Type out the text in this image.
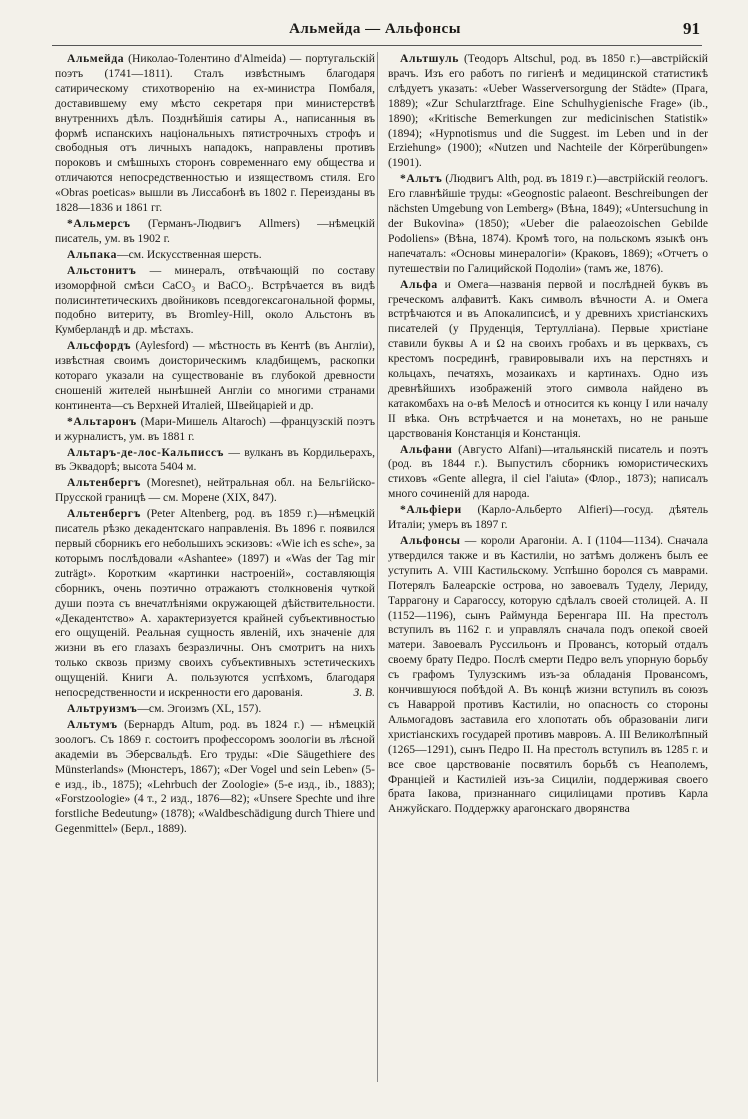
Альмейда — Альфонсы	91

Альмейда (Николао-Толентино d'Almeida) — португальскій поэтъ (1741—1811). Сталъ извѣстнымъ благодаря сатирическому стихотворенію на ех-министра Помбаля, доставившему ему мѣсто секретаря при министерствѣ внутреннихъ дѣлъ. Позднѣйшія сатиры А., написанныя въ формѣ испанскихъ національныхъ пятистрочныхъ строфъ и свободныя отъ личныхъ нападокъ, направлены противъ пороковъ и смѣшныхъ сторонъ современнаго ему общества и отличаются непосредственностью и изяществомъ стиля. Его «Obras poeticas» вышли въ Лиссабонѣ въ 1802 г. Переизданы въ 1828—1836 и 1861 гг.

*Альмерсъ (Германъ-Людвигъ Allmers) —нѣмецкій писатель, ум. въ 1902 г.

Альпака—см. Искусственная шерсть.

Альстонитъ — минералъ, отвѣчающій по составу изоморфной смѣси CaCO₃ и BaCO₃. Встрѣчается въ видѣ полисинтетическихъ двойниковъ псевдогексагональной формы, подобно витериту, въ Bromley-Hill, около Альстонъ въ Кумберландѣ и др. мѣстахъ.

Альсфордъ (Aylesford) — мѣстность въ Кентѣ (въ Англіи), извѣстная своимъ доисторическимъ кладбищемъ, раскопки котораго указали на существованіе въ глубокой древности сношеній жителей нынѣшней Англіи со многими странами континента—съ Верхней Италіей, Швейцаріей и др.

*Альтаронъ (Мари-Мишель Altaroch) —французскій поэтъ и журналистъ, ум. въ 1881 г.

Альтаръ-де-лос-Кальписсъ — вулканъ въ Кордильерахъ, въ Эквадорѣ; высота 5404 м.

Альтенбергъ (Moresnet), нейтральная обл. на Бельгійско-Прусской границѣ — см. Морене (XIX, 847).

Альтенбергъ (Peter Altenberg, род. въ 1859 г.)—нѣмецкій писатель рѣзко декадентскаго направленія. Въ 1896 г. появился первый сборникъ его небольшихъ эскизовъ: «Wie ich es sche», за которымъ послѣдовали «Ashantee» (1897) и «Was der Tag mir zuträgt». Коротким «картинки настроеній», составляющія сборникъ, очень поэтично отражаютъ столкновенія чуткой души поэта съ внечатлѣніями окружающей дѣйствительности. «Декадентство» А. характеризуется крайней субъективностью его ощущеній. Реальная сущность явленій, ихъ значеніе для жизни въ его глазахъ безразличны. Онъ смотритъ на нихъ только сквозь призму своихъ субъективныхъ эстетическихъ ощущеній. Книги А. пользуются успѣхомъ, благодаря непосредственности и искренности его дарованія.	З. В.

Альтруизмъ—см. Эгоизмъ (XL, 157).

Альтумъ (Бернардъ Altum, род. въ 1824 г.) — нѣмецкій зоологъ. Съ 1869 г. состоитъ профессоромъ зоологіи въ лѣсной академіи въ Эберсвальдѣ. Его труды: «Die Säugethiere des Münsterlands» (Мюнстеръ, 1867); «Der Vogel und sein Leben» (5-е изд., ib., 1875); «Lehrbuch der Zoologie» (5-е изд., ib., 1883); «Forstzoologie» (4 т., 2 изд., 1876—82); «Unsere Spechte und ihre forstliche Bedeutung» (1878); «Waldbeschädigung durch Thiere und Gegenmittel» (Берл., 1889).

Альтшуль (Теодоръ Altschul, род. въ 1850 г.)—австрійскій врачъ. Изъ его работъ по гигіенѣ и медицинской статистикѣ слѣдуетъ указать: «Ueber Wasserversorgung der Städte» (Прага, 1889); «Zur Schularztfrage. Eine Schulhygienische Frage» (ib., 1890); «Kritische Bemerkungen zur medicinischen Statistik» (1894); «Hypnotismus und die Suggest. im Leben und in der Erziehung» (1900); «Nutzen und Nachteile der Körperübungen» (1901).

*Альтъ (Людвигъ Alth, род. въ 1819 г.)—австрійскій геологъ. Его главнѣйшіе труды: «Geognostic palaeont. Beschreibungen der nächsten Umgebung von Lemberg» (Вѣна, 1849); «Untersuchung in der Bukovina» (1850); «Ueber die palaeozoischen Gebilde Podoliens» (Вѣна, 1874). Кромѣ того, на польскомъ языкѣ онъ напечаталъ: «Основы минералогіи» (Краковъ, 1869); «Отчетъ о путешествіи по Галицийской Подоліи» (тамъ же, 1876).

Альфа и Омега—названія первой и послѣдней буквъ въ греческомъ алфавитѣ. Какъ символъ вѣчности А. и Омега встрѣчаются и въ Апокалипсисѣ, и у древнихъ христіанскихъ писателей (у Пруденція, Тертулліана). Первые христіане ставили буквы А и Ω на своихъ гробахъ и въ церквахъ, съ крестомъ посрединѣ, гравировывали ихъ на перстняхъ и кольцахъ, печатяхъ, мозаикахъ и картинахъ. Одно изъ древнѣйшихъ изображеній этого символа найдено въ катакомбахъ на о-вѣ Мелосѣ и относится къ концу I или началу II вѣка. Онъ встрѣчается и на монетахъ, но не раньше царствованія Констанція и Констанція.

Альфани (Августо Alfani)—итальянскій писатель и поэтъ (род. въ 1844 г.). Выпустилъ сборникъ юмористическихъ стиховъ «Gente allegra, il ciel l'aiuta» (Флор., 1873); написалъ много сочиненій для народа.

*Альфіери (Карло-Альберто Alfieri)—госуд. дѣятель Италіи; умеръ въ 1897 г.

Альфонсы — короли Арагоніи. А. I (1104—1134). Сначала утвердился также и въ Кастиліи, но затѣмъ долженъ былъ ее уступить А. VIII Кастильскому. Успѣшно боролся съ маврами. Потерялъ Балеарскіе острова, но завоевалъ Туделу, Лериду, Таррагону и Сарагоссу, которую сдѣлалъ своей столицей. А. II (1152—1196), сынъ Раймунда Беренгара III. На престолъ вступилъ въ 1162 г. и управлялъ сначала подъ опекой своей матери. Завоевалъ Руссильонъ и Провансъ, который отдалъ своему брату Педро. Послѣ смерти Педро велъ упорную борьбу съ графомъ Тулузскимъ изъ-за обладанія Провансомъ, кончившуюся побѣдой А. Въ концѣ жизни вступилъ въ союзъ съ Наваррой противъ Кастиліи, но опасность со стороны Альмогадовъ заставила его хлопотать объ образованіи лиги христіанскихъ государей противъ мавровъ. А. III Великолѣпный (1265—1291), сынъ Педро II. На престолъ вступилъ въ 1285 г. и все свое царствованіе посвятилъ борьбѣ съ Неаполемъ, Франціей и Кастиліей изъ-за Сициліи, поддерживая своего брата Іакова, признаннаго сициліицами противъ Карла Анжуйскаго. Поддержку арагонскаго дворянства
